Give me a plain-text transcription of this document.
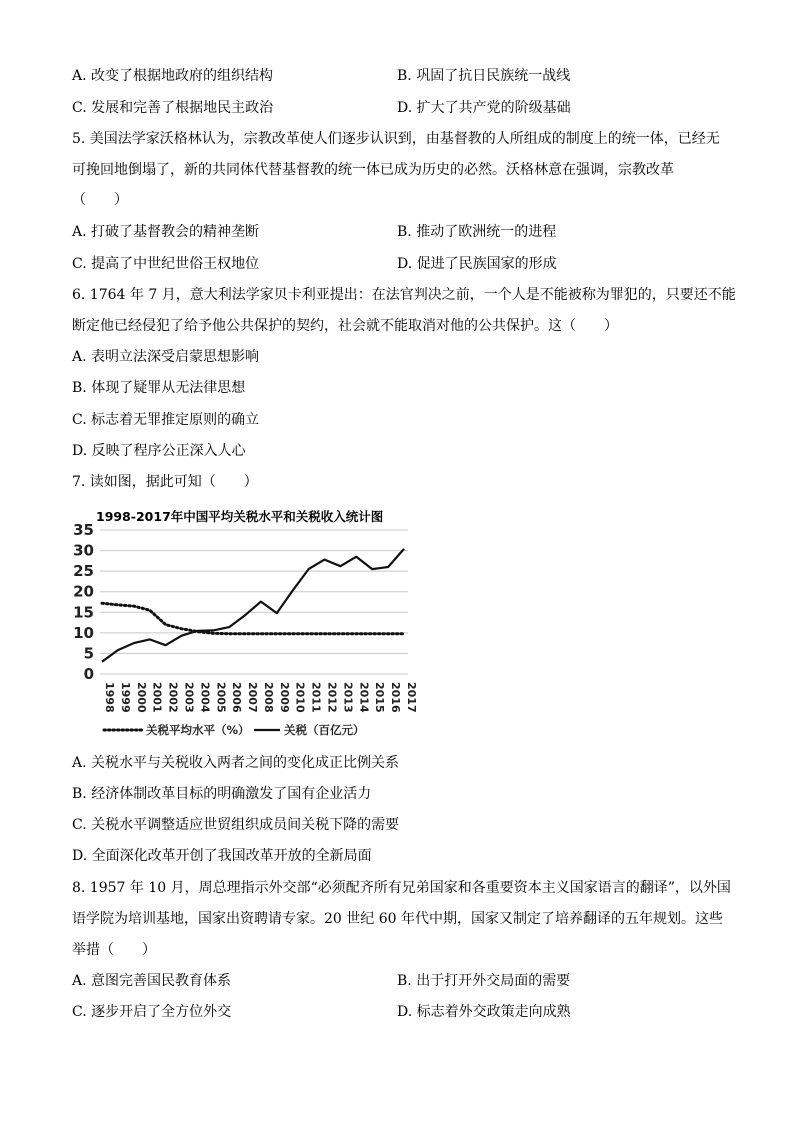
A. 改变了根据地政府的组织结构	B. 巩固了抗日民族统一战线
C. 发展和完善了根据地民主政治	D. 扩大了共产党的阶级基础
5. 美国法学家沃格林认为，宗教改革使人们逐步认识到，由基督教的人所组成的制度上的统一体，已经无
可挽回地倒塌了，新的共同体代替基督教的统一体已成为历史的必然。沃格林意在强调，宗教改革
（　　）
A. 打破了基督教会的精神垄断	B. 推动了欧洲统一的进程
C. 提高了中世纪世俗王权地位	D. 促进了民族国家的形成
6. 1764 年 7 月，意大利法学家贝卡利亚提出：在法官判决之前，一个人是不能被称为罪犯的，只要还不能
断定他已经侵犯了给予他公共保护的契约，社会就不能取消对他的公共保护。这（　　）
A. 表明立法深受启蒙思想影响
B. 体现了疑罪从无法律思想
C. 标志着无罪推定原则的确立
D. 反映了程序公正深入人心
7. 读如图，据此可知（　　）
1998-2017年中国平均关税水平和关税收入统计图
0
5
10
15
20
25
30
35
1998 1999 2000 2001 2002 2003 2004 2005 2006 2007 2008 2009 2010 2011 2012 2013 2014 2015 2016 2017
关税平均水平（%）	关税（百亿元）
A. 关税水平与关税收入两者之间的变化成正比例关系
B. 经济体制改革目标的明确激发了国有企业活力
C. 关税水平调整适应世贸组织成员间关税下降的需要
D. 全面深化改革开创了我国改革开放的全新局面
8. 1957 年 10 月，周总理指示外交部“必须配齐所有兄弟国家和各重要资本主义国家语言的翻译”，以外国
语学院为培训基地，国家出资聘请专家。20 世纪 60 年代中期，国家又制定了培养翻译的五年规划。这些
举措（　　）
A. 意图完善国民教育体系	B. 出于打开外交局面的需要
C. 逐步开启了全方位外交	D. 标志着外交政策走向成熟
